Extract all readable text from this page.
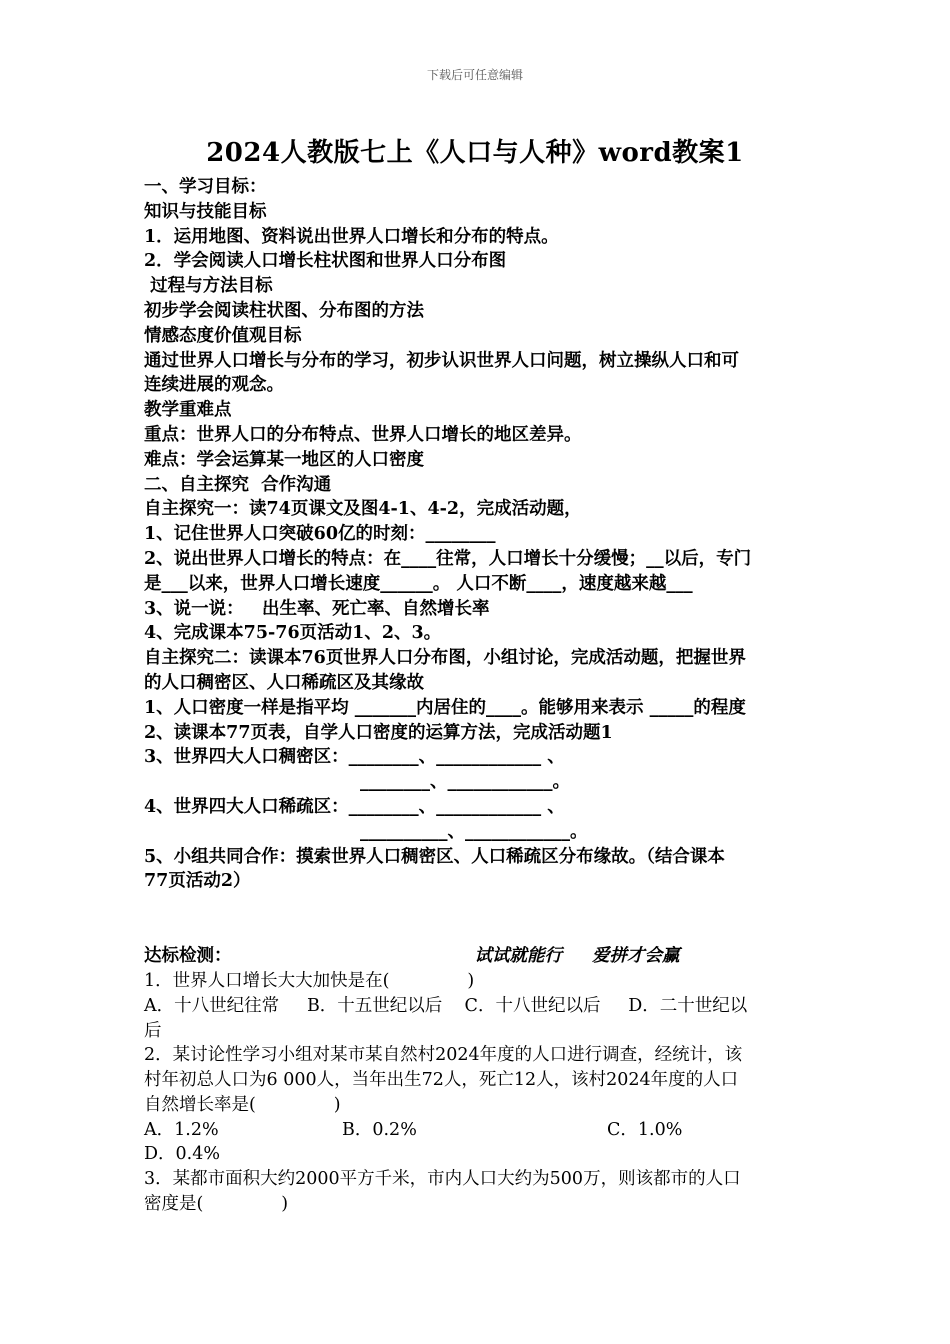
下载后可任意编辑
2024人教版七上《人口与人种》word教案1
一、学习目标：
知识与技能目标
1．运用地图、资料说出世界人口增长和分布的特点。
2．学会阅读人口增长柱状图和世界人口分布图
过程与方法目标
初步学会阅读柱状图、分布图的方法
情感态度价值观目标
通过世界人口增长与分布的学习，初步认识世界人口问题，树立操纵人口和可
连续进展的观念。
教学重难点
重点：世界人口的分布特点、世界人口增长的地区差异。
难点：学会运算某一地区的人口密度
二、自主探究  合作沟通
自主探究一：读74页课文及图4-1、4-2，完成活动题，
1、记住世界人口突破60亿的时刻：________
2、说出世界人口增长的特点：在____往常，人口增长十分缓慢；__以后，专门
是___以来，世界人口增长速度______。 人口不断____，速度越来越___
3、说一说：   出生率、死亡率、自然增长率
4、完成课本75-76页活动1、2、3。
自主探究二：读课本76页世界人口分布图，小组讨论，完成活动题，把握世界
的人口稠密区、人口稀疏区及其缘故
1、人口密度一样是指平均 _______内居住的____。能够用来表示 _____的程度
2、读课本77页表，自学人口密度的运算方法，完成活动题1
3、世界四大人口稠密区：________、____________ 、
________、____________。
4、世界四大人口稀疏区：________、____________ 、
__________、____________。
5、小组共同合作：摸索世界人口稠密区、人口稀疏区分布缘故。（结合课本
77页活动2）
达标检测：	试试就能行 爱拼才会赢
1．世界人口增长大大加快是在(              )
A．十八世纪往常     B．十五世纪以后    C．十八世纪以后     D．二十世纪以
后
2．某讨论性学习小组对某市某自然村2024年度的人口进行调查，经统计，该
村年初总人口为6 000人，当年出生72人，死亡12人，该村2024年度的人口
自然增长率是(              )
A．1.2%	B．0.2%	C．1.0%
D．0.4%
3．某都市面积大约2000平方千米，市内人口大约为500万，则该都市的人口
密度是(              )
